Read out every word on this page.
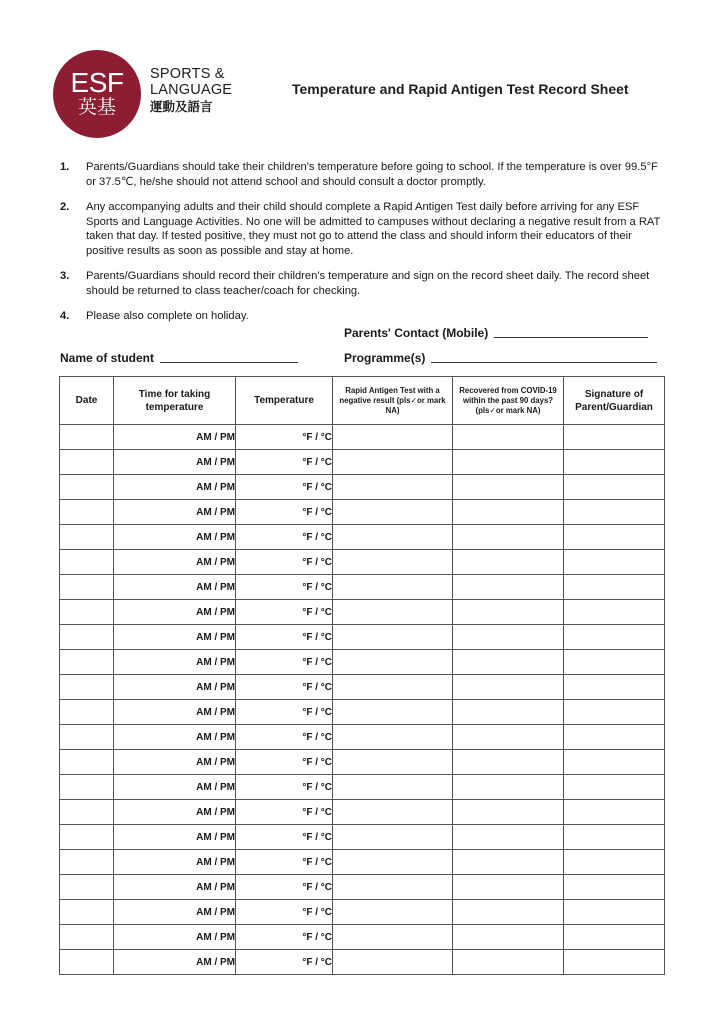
ESF
英基
SPORTS &
LANGUAGE
運動及語言
Temperature and Rapid Antigen Test Record Sheet
1.	Parents/Guardians should take their children's temperature before going to school. If the temperature is over 99.5°F or 37.5℃, he/she should not attend school and should consult a doctor promptly.
2.	Any accompanying adults and their child should complete a Rapid Antigen Test daily before arriving for any ESF Sports and Language Activities. No one will be admitted to campuses without declaring a negative result from a RAT taken that day. If tested positive, they must not go to attend the class and should inform their educators of their positive results as soon as possible and stay at home.
3.	Parents/Guardians should record their children's temperature and sign on the record sheet daily. The record sheet should be returned to class teacher/coach for checking.
4.	Please also complete on holiday.
Parents' Contact (Mobile)
Name of student	Programme(s)
Date	Time for taking temperature	Temperature	Rapid Antigen Test with a negative result (pls✓or mark NA)	Recovered from COVID-19 within the past 90 days? (pls✓or mark NA)	Signature of Parent/Guardian
	AM / PM	°F / °C			
	AM / PM	°F / °C			
	AM / PM	°F / °C			
	AM / PM	°F / °C			
	AM / PM	°F / °C			
	AM / PM	°F / °C			
	AM / PM	°F / °C			
	AM / PM	°F / °C			
	AM / PM	°F / °C			
	AM / PM	°F / °C			
	AM / PM	°F / °C			
	AM / PM	°F / °C			
	AM / PM	°F / °C			
	AM / PM	°F / °C			
	AM / PM	°F / °C			
	AM / PM	°F / °C			
	AM / PM	°F / °C			
	AM / PM	°F / °C			
	AM / PM	°F / °C			
	AM / PM	°F / °C			
	AM / PM	°F / °C			
	AM / PM	°F / °C			
